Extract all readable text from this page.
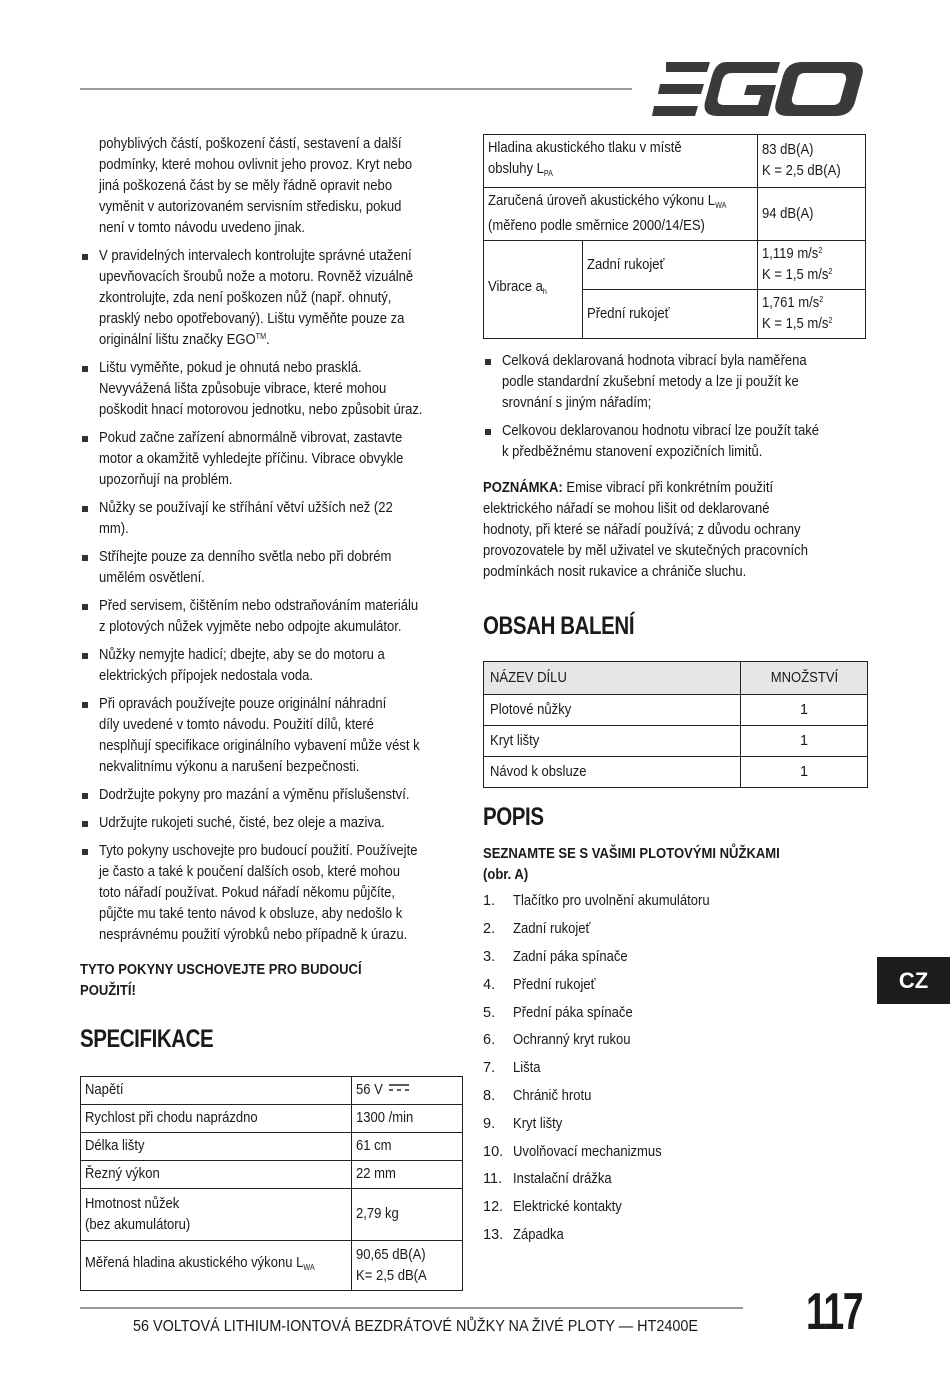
pohyblivých částí, poškození částí, sestavení a další
podmínky, které mohou ovlivnit jeho provoz. Kryt nebo
jiná poškozená část by se měly řádně opravit nebo
vyměnit v autorizovaném servisním středisku, pokud
není v tomto návodu uvedeno jinak.
V pravidelných intervalech kontrolujte správné utažení
upevňovacích šroubů nože a motoru. Rovněž vizuálně
zkontrolujte, zda není poškozen nůž (např. ohnutý,
prasklý nebo opotřebovaný). Lištu vyměňte pouze za
originální lištu značky EGO™.
Lištu vyměňte, pokud je ohnutá nebo prasklá.
Nevyvážená lišta způsobuje vibrace, které mohou
poškodit hnací motorovou jednotku, nebo způsobit úraz.
Pokud začne zařízení abnormálně vibrovat, zastavte
motor a okamžitě vyhledejte příčinu. Vibrace obvykle
upozorňují na problém.
Nůžky se používají ke stříhání větví užších než (22
mm).
Stříhejte pouze za denního světla nebo při dobrém
umělém osvětlení.
Před servisem, čištěním nebo odstraňováním materiálu
z plotových nůžek vyjměte nebo odpojte akumulátor.
Nůžky nemyjte hadicí; dbejte, aby se do motoru a
elektrických přípojek nedostala voda.
Při opravách používejte pouze originální náhradní
díly uvedené v tomto návodu. Použití dílů, které
nesplňují specifikace originálního vybavení může vést k
nekvalitnímu výkonu a narušení bezpečnosti.
Dodržujte pokyny pro mazání a výměnu příslušenství.
Udržujte rukojeti suché, čisté, bez oleje a maziva.
Tyto pokyny uschovejte pro budoucí použití. Používejte
je často a také k poučení dalších osob, které mohou
toto nářadí používat. Pokud nářadí někomu půjčíte,
půjčte mu také tento návod k obsluze, aby nedošlo k
nesprávnému použití výrobků nebo případně k úrazu.
TYTO POKYNY USCHOVEJTE PRO BUDOUCÍ
POUŽITÍ!
SPECIFIKACE
Napětí	56 V
Rychlost při chodu naprázdno	1300 /min
Délka lišty	61 cm
Řezný výkon	22 mm

Hmotnost nůžek
(bez akumulátoru)	2,79 kg
Měřená hladina akustického výkonu $L_{WA}$	90,65 dB(A)
K= 2,5 dB(A
Hladina akustického tlaku v místě
obsluhy $L_{PA}$		83 dB(A)
K = 2,5 dB(A)

Zaručená úroveň akustického výkonu $L_{WA}$
(měřeno podle směrnice 2000/14/ES)		94 dB(A)
Vibrace $a_h$	Zadní rukojeť	1,119 $m/s^2$
K = 1,5 $m/s^2$

	Přední rukojeť	1,761 $m/s^2$
K = 1,5 $m/s^2$
Celková deklarovaná hodnota vibrací byla naměřena
podle standardní zkušební metody a lze ji použít ke
srovnání s jiným nářadím;
Celkovou deklarovanou hodnotu vibrací lze použít také
k předběžnému stanovení expozičních limitů.
POZNÁMKA: Emise vibrací při konkrétním použití
elektrického nářadí se mohou lišit od deklarované
hodnoty, při které se nářadí používá; z důvodu ochrany
provozovatele by měl uživatel ve skutečných pracovních
podmínkách nosit rukavice a chrániče sluchu.
OBSAH BALENÍ
NÁZEV DÍLU	MNOŽSTVÍ
Plotové nůžky	1
Kryt lišty	1
Návod k obsluze	1
POPIS
SEZNAMTE SE S VAŠIMI PLOTOVÝMI NŮŽKAMI
(obr. A)
1.	Tlačítko pro uvolnění akumulátoru
2.	Zadní rukojeť
3.	Zadní páka spínače
4.	Přední rukojeť
5.	Přední páka spínače
6.	Ochranný kryt rukou
7.	Lišta
8.	Chránič hrotu
9.	Kryt lišty
10. Uvolňovací mechanizmus
11. Instalační drážka
12. Elektrické kontakty
13. Západka
CZ
56 VOLTOVÁ LITHIUM-IONTOVÁ BEZDRÁTOVÉ NŮŽKY NA ŽIVÉ PLOTY — HT2400E	117
